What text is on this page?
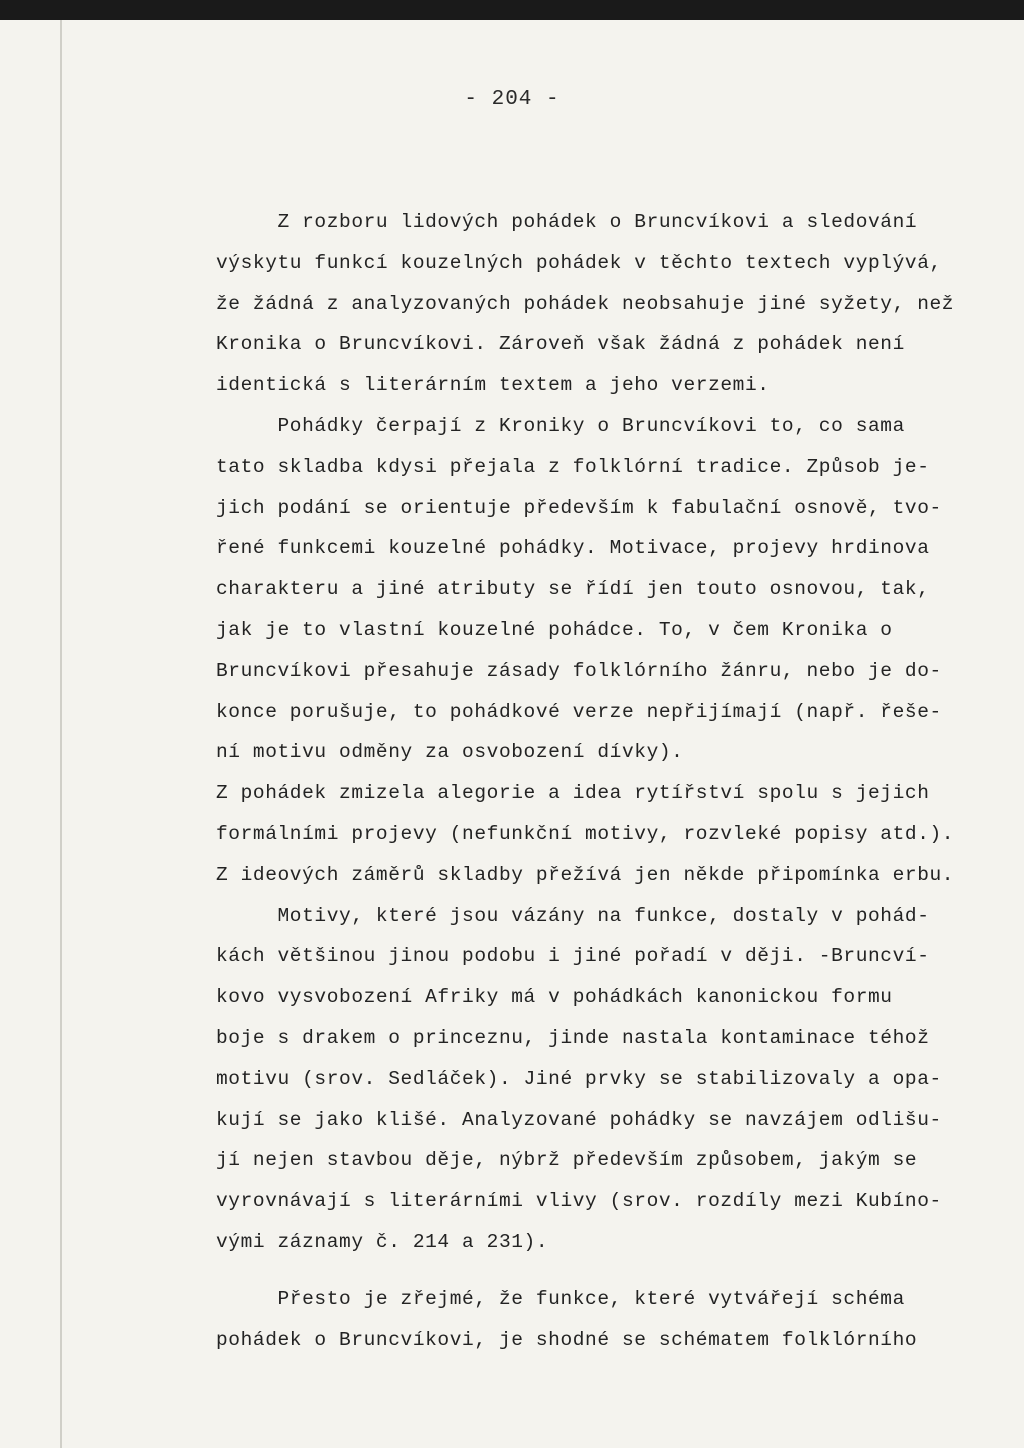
- 204 -
Z rozboru lidových pohádek o Bruncvíkovi a sledování
výskytu funkcí kouzelných pohádek v těchto textech vyplývá,
že žádná z analyzovaných pohádek neobsahuje jiné syžety, než
Kronika o Bruncvíkovi. Zároveň však žádná z pohádek není
identická s literárním textem a jeho verzemi.
Pohádky čerpají z Kroniky o Bruncvíkovi to, co sama
tato skladba kdysi přejala z folklórní tradice. Způsob je-
jich podání se orientuje především k fabulační osnově, tvo-
řené funkcemi kouzelné pohádky. Motivace, projevy hrdinova
charakteru a jiné atributy se řídí jen touto osnovou, tak,
jak je to vlastní kouzelné pohádce. To, v čem Kronika o
Bruncvíkovi přesahuje zásady folklórního žánru, nebo je do-
konce porušuje, to pohádkové verze nepřijímají (např. řeše-
ní motivu odměny za osvobození dívky).
Z pohádek zmizela alegorie a idea rytířství spolu s jejich
formálními projevy (nefunkční motivy, rozvleké popisy atd.).
Z ideových záměrů skladby přežívá jen někde připomínka erbu.
Motivy, které jsou vázány na funkce, dostaly v pohád-
kách většinou jinou podobu i jiné pořadí v ději. -Bruncví-
kovo vysvobození Afriky má v pohádkách kanonickou formu
boje s drakem o princeznu, jinde nastala kontaminace téhož
motivu (srov. Sedláček). Jiné prvky se stabilizovaly a opa-
kují se jako klišé. Analyzované pohádky se navzájem odlišu-
jí nejen stavbou děje, nýbrž především způsobem, jakým se
vyrovnávají s literárními vlivy (srov. rozdíly mezi Kubíno-
vými záznamy č. 214 a 231).
Přesto je zřejmé, že funkce, které vytvářejí schéma
pohádek o Bruncvíkovi, je shodné se schématem folklórního
